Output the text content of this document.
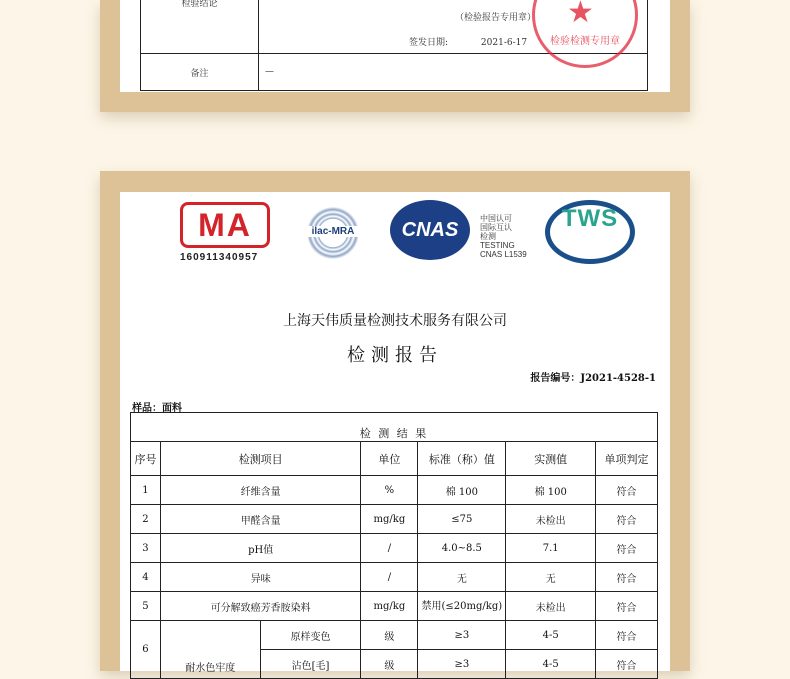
检验结论	（检验报告专用章）
签发日期: 2021-6-17

备注	—
★
检验检测专用章
MA
160911340957
ilac-MRA	CNAS
中国认可
国际互认
检测
TESTING
CNAS L1539
TWS
上海天伟质量检测技术服务有限公司
检测报告
报告编号：J2021-4528-1
样品：面料
检 测 结 果						
序号	检测项目		单位	标准（称）值	实测值	单项判定
1	纤维含量		%	棉 100	棉 100	符合
2	甲醛含量		mg/kg	≤75	未检出	符合
3	pH值		/	4.0~8.5	7.1	符合
4	异味		/	无	无	符合
5	可分解致癌芳香胺染料		mg/kg	禁用(≤20mg/kg)	未检出	符合
6	耐水色牢度	原样变色	级	≥3	4-5	符合
		沾色[毛]	级	≥3	4-5	符合
